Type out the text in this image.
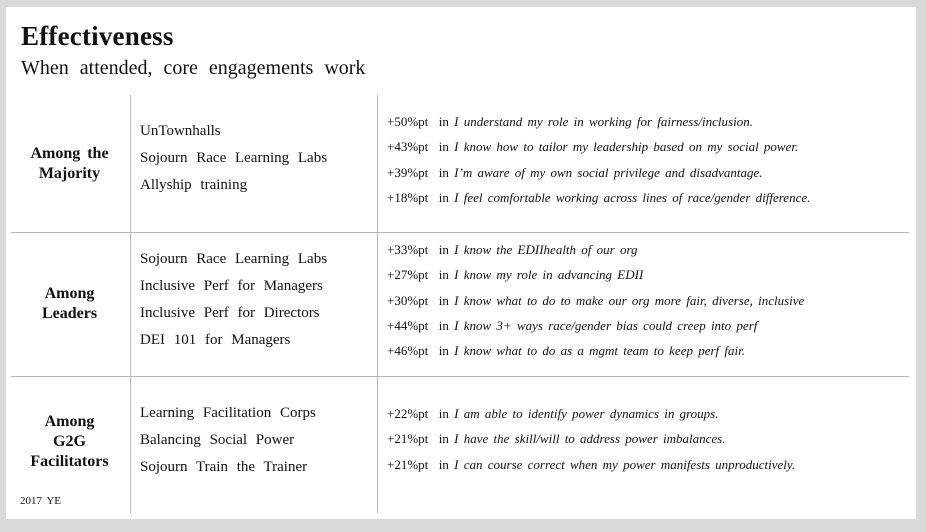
Effectiveness
When attended, core engagements work
Among the
Majority
UnTownhalls
Sojourn Race Learning Labs
Allyship training
+50%pt in I understand my role in working for fairness/inclusion.
+43%pt in I know how to tailor my leadership based on my social power.
+39%pt in I’m aware of my own social privilege and disadvantage.
+18%pt in I feel comfortable working across lines of race/gender difference.
Among
Leaders
Sojourn Race Learning Labs
Inclusive Perf for Managers
Inclusive Perf for Directors
DEI 101 for Managers
+33%pt in I know the EDIIhealth of our org
+27%pt in I know my role in advancing EDII
+30%pt in I know what to do to make our org more fair, diverse, inclusive
+44%pt in I know 3+ ways race/gender bias could creep into perf
+46%pt in I know what to do as a mgmt team to keep perf fair.
Among
G2G
Facilitators
Learning Facilitation Corps
Balancing Social Power
Sojourn Train the Trainer
+22%pt in I am able to identify power dynamics in groups.
+21%pt in I have the skill/will to address power imbalances.
+21%pt in I can course correct when my power manifests unproductively.
2017 YE
